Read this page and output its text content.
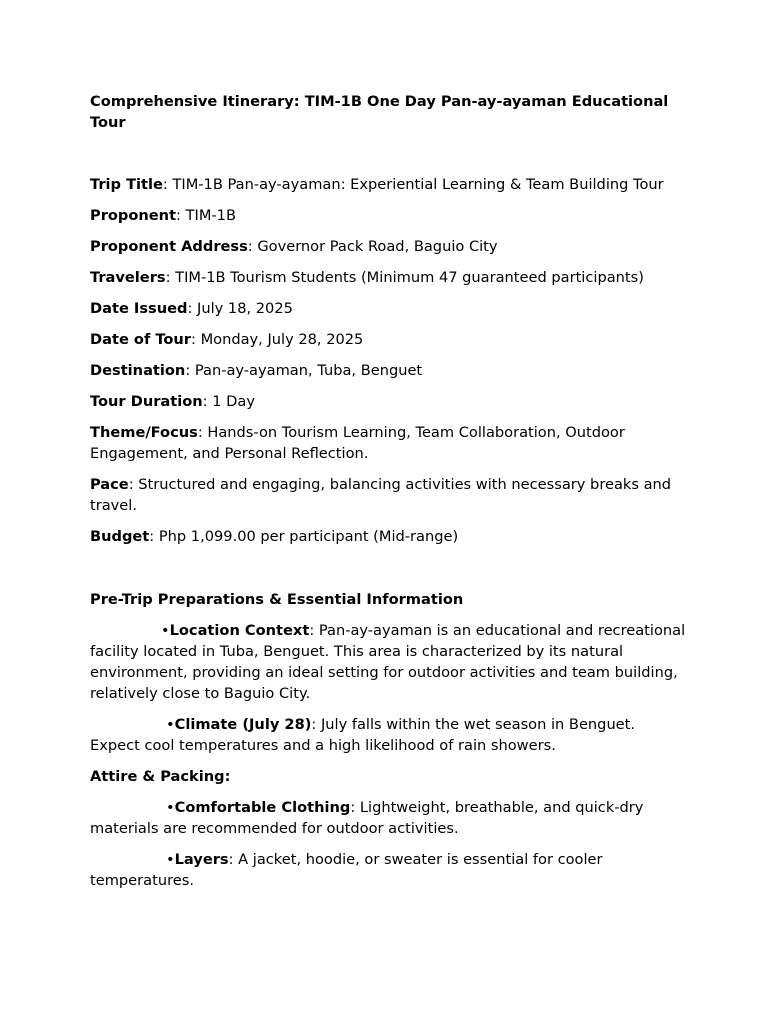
Comprehensive Itinerary: TIM-1B One Day Pan-ay-ayaman Educational Tour

Trip Title: TIM-1B Pan-ay-ayaman: Experiential Learning & Team Building Tour

Proponent: TIM-1B

Proponent Address: Governor Pack Road, Baguio City

Travelers: TIM-1B Tourism Students (Minimum 47 guaranteed participants)

Date Issued: July 18, 2025

Date of Tour: Monday, July 28, 2025

Destination: Pan-ay-ayaman, Tuba, Benguet

Tour Duration: 1 Day

Theme/Focus: Hands-on Tourism Learning, Team Collaboration, Outdoor Engagement, and Personal Reflection.

Pace: Structured and engaging, balancing activities with necessary breaks and travel.

Budget: Php 1,099.00 per participant (Mid-range)

Pre-Trip Preparations & Essential Information

•Location Context: Pan-ay-ayaman is an educational and recreational facility located in Tuba, Benguet. This area is characterized by its natural environment, providing an ideal setting for outdoor activities and team building, relatively close to Baguio City.

•Climate (July 28): July falls within the wet season in Benguet. Expect cool temperatures and a high likelihood of rain showers.

Attire & Packing:

•Comfortable Clothing: Lightweight, breathable, and quick-dry materials are recommended for outdoor activities.

•Layers: A jacket, hoodie, or sweater is essential for cooler temperatures.
